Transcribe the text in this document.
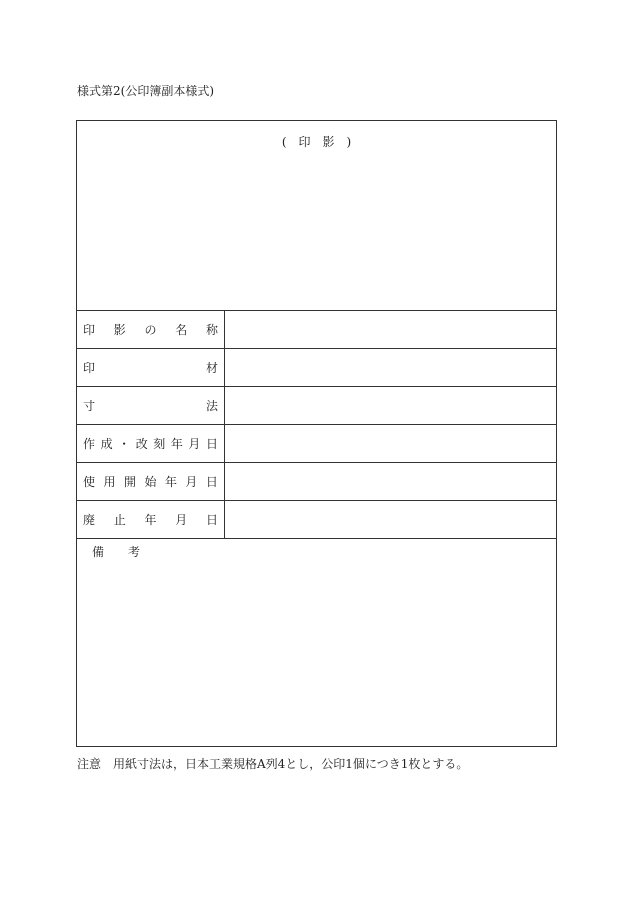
様式第2(公印簿副本様式)
(　印　影　)
印 影 の 名 称
印	材
寸	法
作 成 ・ 改 刻 年 月 日
使 用 開 始 年 月 日
廃 止 年 月 日
備　　考
注意　用紙寸法は，日本工業規格A列4とし，公印1個につき1枚とする。
